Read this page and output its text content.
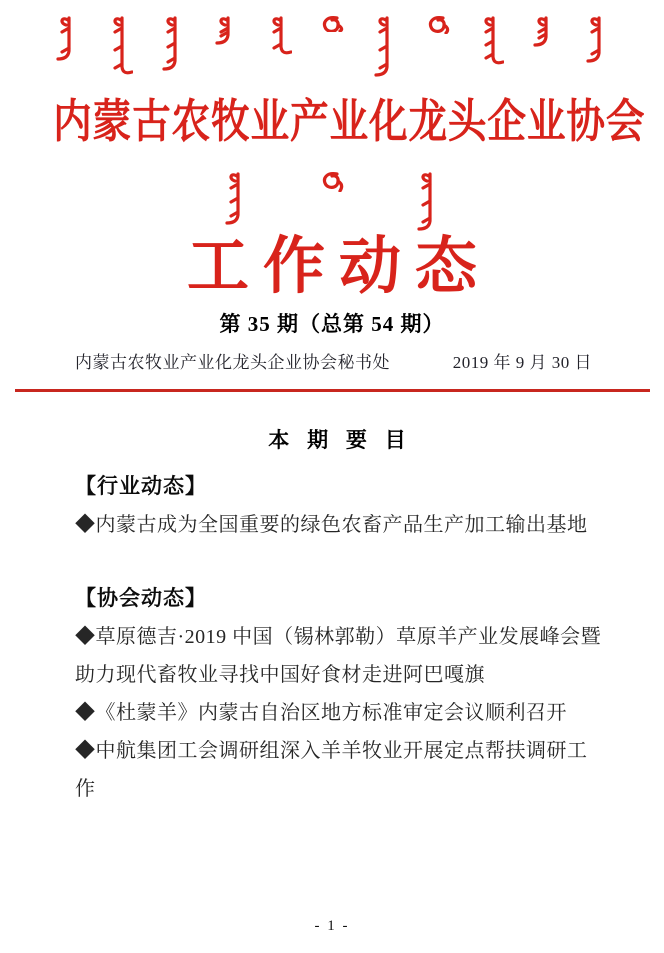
内蒙古农牧业产业化龙头企业协会
工作动态
第 35 期（总第 54 期）
内蒙古农牧业产业化龙头企业协会秘书处	2019 年 9 月 30 日
本 期 要 目
【行业动态】
◆内蒙古成为全国重要的绿色农畜产品生产加工输出基地
【协会动态】
◆草原德吉·2019 中国（锡林郭勒）草原羊产业发展峰会暨助力现代畜牧业寻找中国好食材走进阿巴嘎旗
◆《杜蒙羊》内蒙古自治区地方标准审定会议顺利召开
◆中航集团工会调研组深入羊羊牧业开展定点帮扶调研工作
- 1 -
